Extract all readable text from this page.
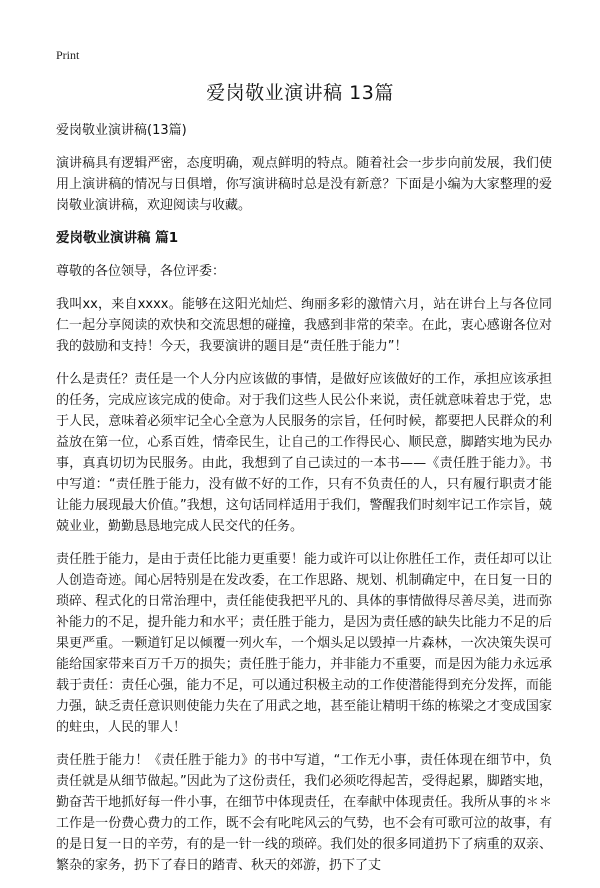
Print
爱岗敬业演讲稿 13篇

爱岗敬业演讲稿(13篇)

演讲稿具有逻辑严密，态度明确，观点鲜明的特点。随着社会一步步向前发展，我们使用上演讲稿的情况与日俱增，你写演讲稿时总是没有新意？下面是小编为大家整理的爱岗敬业演讲稿，欢迎阅读与收藏。

爱岗敬业演讲稿 篇1

尊敬的各位领导，各位评委：

我叫xx，来自xxxx。能够在这阳光灿烂、绚丽多彩的激情六月，站在讲台上与各位同仁一起分享阅读的欢快和交流思想的碰撞，我感到非常的荣幸。在此，衷心感谢各位对我的鼓励和支持！今天，我要演讲的题目是“责任胜于能力”！

什么是责任？责任是一个人分内应该做的事情，是做好应该做好的工作，承担应该承担的任务，完成应该完成的使命。对于我们这些人民公仆来说，责任就意味着忠于党，忠于人民，意味着必须牢记全心全意为人民服务的宗旨，任何时候，都要把人民群众的利益放在第一位，心系百姓，情牵民生，让自己的工作得民心、顺民意，脚踏实地为民办事，真真切切为民服务。由此，我想到了自己读过的一本书——《责任胜于能力》。书中写道：“责任胜于能力，没有做不好的工作，只有不负责任的人，只有履行职责才能让能力展现最大价值。”我想，这句话同样适用于我们，警醒我们时刻牢记工作宗旨，兢兢业业，勤勤恳恳地完成人民交代的任务。

责任胜于能力，是由于责任比能力更重要！能力或许可以让你胜任工作，责任却可以让人创造奇迹。闻心居特别是在发改委，在工作思路、规划、机制确定中，在日复一日的琐碎、程式化的日常治理中，责任能使我把平凡的、具体的事情做得尽善尽美，进而弥补能力的不足，提升能力和水平；责任胜于能力，是因为责任感的缺失比能力不足的后果更严重。一颗道钉足以倾覆一列火车，一个烟头足以毁掉一片森林，一次决策失误可能给国家带来百万千万的损失；责任胜于能力，并非能力不重要，而是因为能力永远承载于责任：责任心强，能力不足，可以通过积极主动的工作使潜能得到充分发挥，而能力强，缺乏责任意识则使能力失在了用武之地，甚至能让精明干练的栋梁之才变成国家的蛀虫，人民的罪人！

责任胜于能力！《责任胜于能力》的书中写道，“工作无小事，责任体现在细节中，负责任就是从细节做起。”因此为了这份责任，我们必须吃得起苦，受得起累，脚踏实地，勤奋苦干地抓好每一件小事，在细节中体现责任，在奉献中体现责任。我所从事的＊＊工作是一份费心费力的工作，既不会有叱咤风云的气势，也不会有可歌可泣的故事，有的是日复一日的辛劳，有的是一针一线的琐碎。我们处的很多同道扔下了病重的双亲、繁杂的家务，扔下了春日的踏青、秋天的郊游，扔下了丈
